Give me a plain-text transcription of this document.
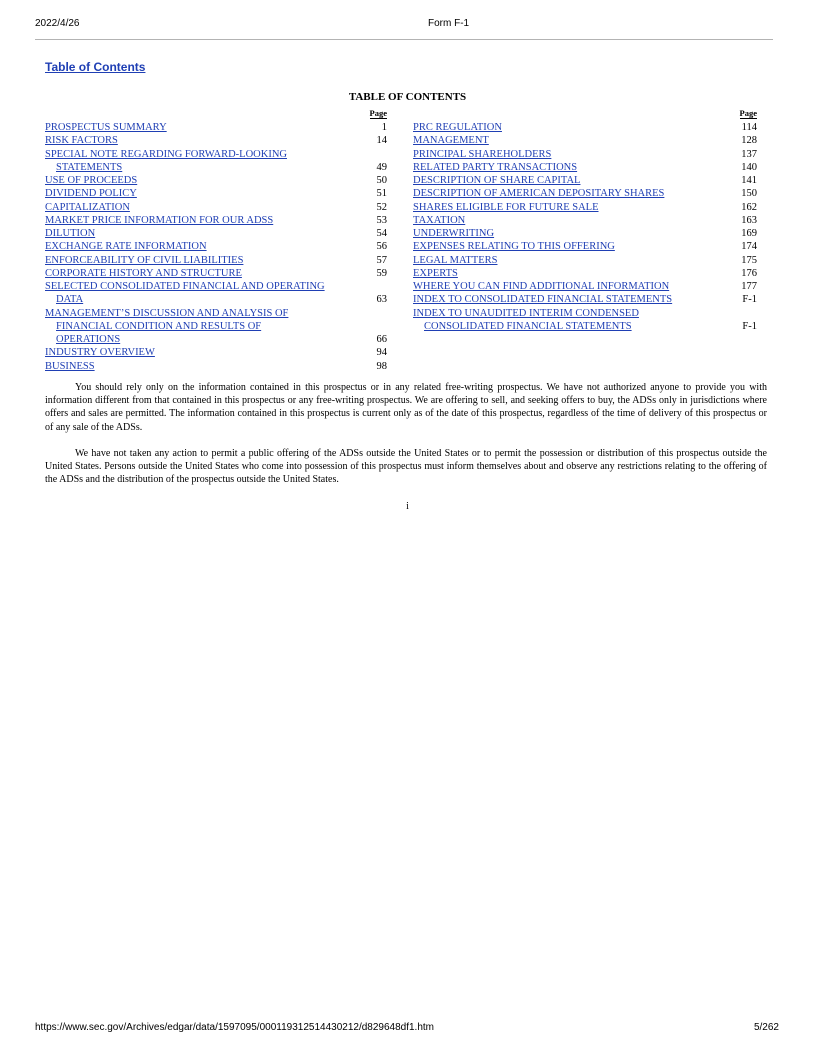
2022/4/26	Form F-1
Table of Contents
TABLE OF CONTENTS
Page
PROSPECTUS SUMMARY	1
RISK FACTORS	14
SPECIAL NOTE REGARDING FORWARD-LOOKING
STATEMENTS	49
USE OF PROCEEDS	50
DIVIDEND POLICY	51
CAPITALIZATION	52
MARKET PRICE INFORMATION FOR OUR ADSS	53
DILUTION	54
EXCHANGE RATE INFORMATION	56
ENFORCEABILITY OF CIVIL LIABILITIES	57
CORPORATE HISTORY AND STRUCTURE	59
SELECTED CONSOLIDATED FINANCIAL AND OPERATING
DATA	63
MANAGEMENT’S DISCUSSION AND ANALYSIS OF
FINANCIAL CONDITION AND RESULTS OF
OPERATIONS	66
INDUSTRY OVERVIEW	94
BUSINESS	98
Page
PRC REGULATION	114
MANAGEMENT	128
PRINCIPAL SHAREHOLDERS	137
RELATED PARTY TRANSACTIONS	140
DESCRIPTION OF SHARE CAPITAL	141
DESCRIPTION OF AMERICAN DEPOSITARY SHARES	150
SHARES ELIGIBLE FOR FUTURE SALE	162
TAXATION	163
UNDERWRITING	169
EXPENSES RELATING TO THIS OFFERING	174
LEGAL MATTERS	175
EXPERTS	176
WHERE YOU CAN FIND ADDITIONAL INFORMATION	177
INDEX TO CONSOLIDATED FINANCIAL STATEMENTS	F-1
INDEX TO UNAUDITED INTERIM CONDENSED
CONSOLIDATED FINANCIAL STATEMENTS	F-1

You should rely only on the information contained in this prospectus or in any related free-writing prospectus. We have not authorized anyone to provide you with information different from that contained in this prospectus or any free-writing prospectus. We are offering to sell, and seeking offers to buy, the ADSs only in jurisdictions where offers and sales are permitted. The information contained in this prospectus is current only as of the date of this prospectus, regardless of the time of delivery of this prospectus or of any sale of the ADSs.

We have not taken any action to permit a public offering of the ADSs outside the United States or to permit the possession or distribution of this prospectus outside the United States. Persons outside the United States who come into possession of this prospectus must inform themselves about and observe any restrictions relating to the offering of the ADSs and the distribution of the prospectus outside the United States.

i
https://www.sec.gov/Archives/edgar/data/1597095/000119312514430212/d829648df1.htm	5/262
